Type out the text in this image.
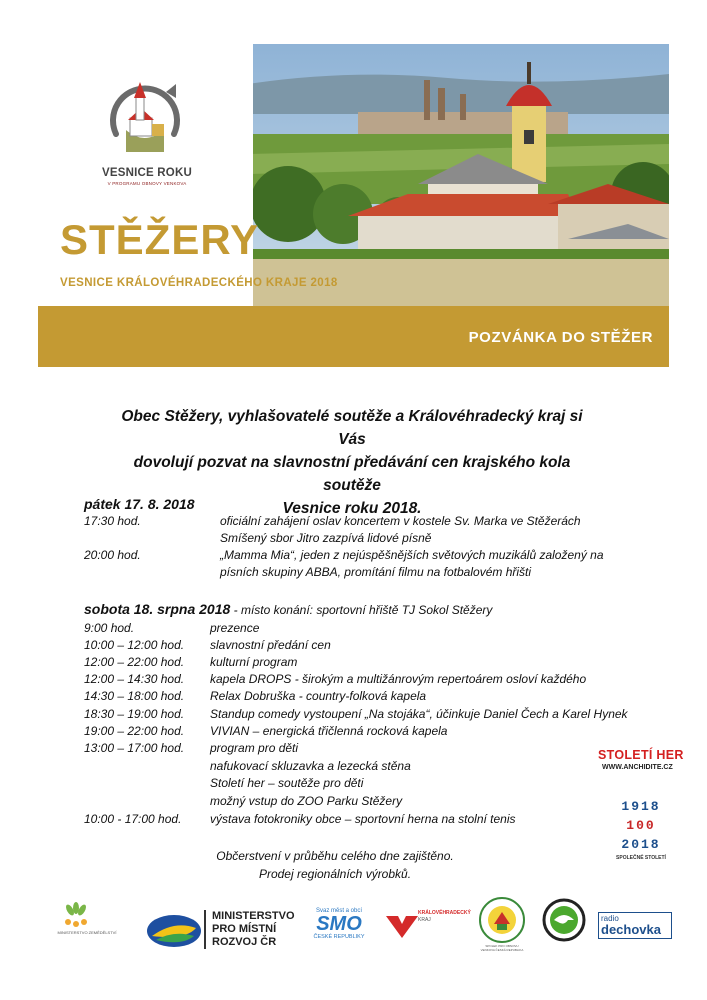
VESNICE ROKU
V PROGRAMU OBNOVY VENKOVA
STĚŽERY
VESNICE KRÁLOVÉHRADECKÉHO KRAJE 2018
POZVÁNKA DO STĚŽER

Obec Stěžery, vyhlašovatelé soutěže a Královéhradecký kraj si Vás

dovolují pozvat na slavnostní předávání cen krajského kola soutěže

Vesnice roku 2018.

pátek 17. 8. 2018
17:30 hod.	oficiální zahájení oslav koncertem v kostele Sv. Marka ve Stěžerách
Smíšený sbor Jitro zazpívá lidové písně
20:00 hod.	„Mamma Mia“, jeden z nejúspěšnějších světových muzikálů založený na
písních skupiny ABBA, promítání filmu na fotbalovém hřišti
sobota 18. srpna 2018 - místo konání: sportovní hřiště TJ Sokol Stěžery
9:00 hod.	prezence
10:00 – 12:00 hod. slavnostní předání cen
12:00 – 22:00 hod. kulturní program
12:00 – 14:30 hod. kapela DROPS - širokým a multižánrovým repertoárem osloví každého
14:30 – 18:00 hod. Relax Dobruška - country-folková kapela
18:30 – 19:00 hod. Standup comedy vystoupení „Na stojáka“, účinkuje Daniel Čech a Karel Hynek
19:00 – 22:00 hod. VIVIAN – energická třičlenná rocková kapela
13:00 – 17:00 hod. program pro děti
nafukovací skluzavka a lezecká stěna
Století her – soutěže pro děti
možný vstup do ZOO Parku Stěžery
10:00 - 17:00 hod. výstava fotokroniky obce – sportovní herna na stolní tenis

Občerstvení v průběhu celého dne zajištěno.

Prodej regionálních výrobků.

STOLETÍ HER
WWW.ANCHIDITE.CZ
1918
100
2018
SPOLEČNÉ STOLETÍ
MINISTERSTVO ZEMĚDĚLSTVÍ
MINISTERSTVO
PRO MÍSTNÍ
ROZVOJ ČR
Svaz měst a obcí
SMO
ČESKÉ REPUBLIKY
KRÁLOVÉHRADECKÝ
KRAJ
SPOLEK PRO OBNOVU VENKOVA ČESKÁ REPUBLIKA
radio
dechovka
